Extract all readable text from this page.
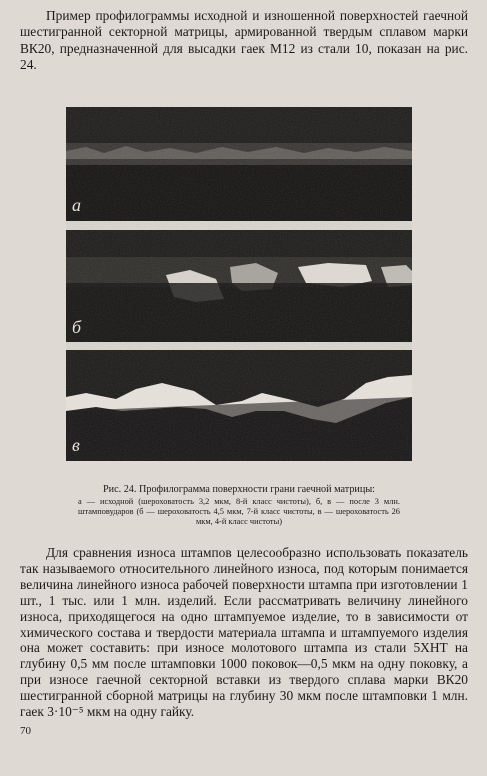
Пример профилограммы исходной и изношенной поверхностей гаечной шестигранной секторной матрицы, армированной твердым сплавом марки ВК20, предназначенной для высадки гаек М12 из стали 10, показан на рис. 24.

а
б
в

Рис. 24. Профилограмма поверхности грани гаечной матрицы:

а — исходной (шероховатость 3,2 мкм, 8-й класс чистоты), б, в — после 3 млн. штамповударов (б — шероховатость 4,5 мкм, 7-й класс чистоты, в — шероховатость 26 мкм, 4-й класс чистоты)

Для сравнения износа штампов целесообразно использовать показатель так называемого относительного линейного износа, под которым понимается величина линейного износа рабочей поверхности штампа при изготовлении 1 шт., 1 тыс. или 1 млн. изделий. Если рассматривать величину линейного износа, приходящегося на одно штампуемое изделие, то в зависимости от химического состава и твердости материала штампа и штампуемого изделия она может составить: при износе молотового штампа из стали 5ХНТ на глубину 0,5 мм после штамповки 1000 поковок—0,5 мкм на одну поковку, а при износе гаечной секторной вставки из твердого сплава марки ВК20 шестигранной сборной матрицы на глубину 30 мкм после штамповки 1 млн. гаек 3·10⁻⁵ мкм на одну гайку.

70
